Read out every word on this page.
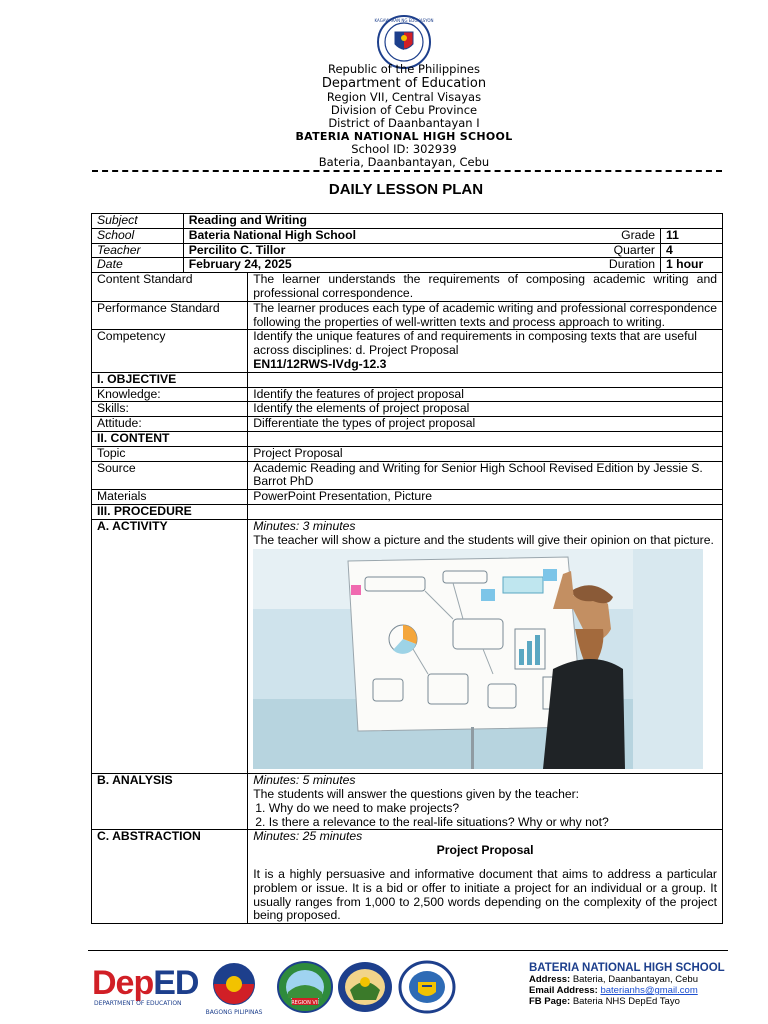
KAGAWARAN NG EDUKASYON
Republic of the Philippines
Department of Education
Region VII, Central Visayas
Division of Cebu Province
District of Daanbantayan I
BATERIA NATIONAL HIGH SCHOOL
School ID: 302939
Bateria, Daanbantayan, Cebu
DAILY LESSON PLAN
Subject	Reading and Writing			
School	Bateria National High School		Grade	11
Teacher	Percilito C. Tillor		Quarter	4
Date	February 24, 2025		Duration	1 hour
Content Standard		The learner understands the requirements of composing academic writing and professional correspondence.		
Performance Standard		The learner produces each type of academic writing and professional correspondence following the properties of well-written texts and process approach to writing.		
Competency		Identify the unique features of and requirements in composing texts that are useful across disciplines: d. Project Proposal
EN11/12RWS-IVdg-12.3		

I. OBJECTIVE				
Knowledge:		Identify the features of project proposal		
Skills:		Identify the elements of project proposal		
Attitude:		Differentiate the types of project proposal		
II. CONTENT				
Topic		Project Proposal		
Source		Academic Reading and Writing for Senior High School Revised Edition by Jessie S. Barrot PhD		
Materials		PowerPoint Presentation, Picture		
III. PROCEDURE				
A. ACTIVITY		Minutes: 3 minutes
The teacher will show a picture and the students will give their opinion on that picture.		

B. ANALYSIS		Minutes: 5 minutes
The students will answer the questions given by the teacher:
1. Why do we need to make projects?
2. Is there a relevance to the real-life situations? Why or why not?		

C. ABSTRACTION		Minutes: 25 minutes
Project Proposal
It is a highly persuasive and informative document that aims to address a particular problem or issue. It is a bid or offer to initiate a project for an individual or a group. It usually ranges from 1,000 to 2,500 words depending on the complexity of the project being proposed.		
DepED
DEPARTMENT OF EDUCATION
BAGONG PILIPINAS
REGION VII
BATERIA NATIONAL HIGH SCHOOL
Address: Bateria, Daanbantayan, Cebu
Email Address: baterianhs@gmail.com
FB Page: Bateria NHS DepEd Tayo
